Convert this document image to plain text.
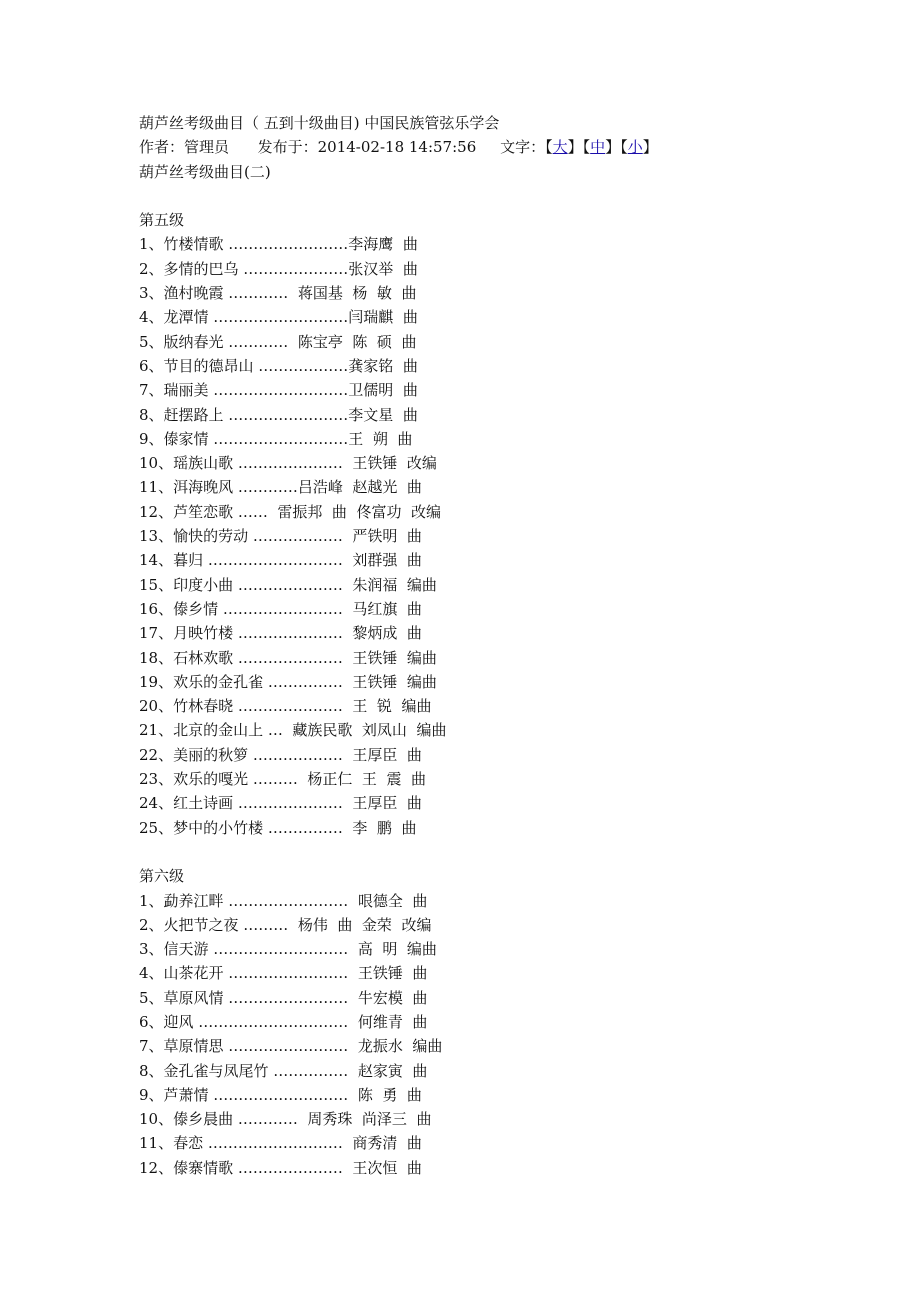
葫芦丝考级曲目（ 五到十级曲目) 中国民族管弦乐学会
作者：管理员 发布于：2014-02-18 14:57:56 文字：【大】【中】【小】
葫芦丝考级曲目(二)
第五级
1、竹楼情歌 ……………………李海鹰  曲
2、多情的巴乌 …………………张汉举  曲
3、渔村晚霞 …………  蒋国基  杨  敏  曲
4、龙潭情 ………………………闫瑞麒  曲
5、版纳春光 …………  陈宝亭  陈  硕  曲
6、节目的德昂山 ………………龚家铭  曲
7、瑞丽美 ………………………卫儒明  曲
8、赶摆路上 ……………………李文星  曲
9、傣家情 ………………………王  朔  曲
10、瑶族山歌 …………………  王铁锤  改编
11、洱海晚风 …………吕浩峰  赵越光  曲
12、芦笙恋歌 ……  雷振邦  曲  佟富功  改编
13、愉快的劳动 ………………  严铁明  曲
14、暮归 ………………………  刘群强  曲
15、印度小曲 …………………  朱润福  编曲
16、傣乡情 ……………………  马红旗  曲
17、月映竹楼 …………………  黎炳成  曲
18、石林欢歌 …………………  王铁锤  编曲
19、欢乐的金孔雀 ……………  王铁锤  编曲
20、竹林春晓 …………………  王  锐  编曲
21、北京的金山上 …  藏族民歌  刘凤山  编曲
22、美丽的秋箩 ………………  王厚臣  曲
23、欢乐的嘎光 ………  杨正仁  王  震  曲
24、红土诗画 …………………  王厚臣  曲
25、梦中的小竹楼 ……………  李  鹏  曲
第六级
1、勐养江畔 ……………………  哏德全  曲
2、火把节之夜 ………  杨伟  曲  金荣  改编
3、信天游 ………………………  高  明  编曲
4、山茶花开 ……………………  王铁锤  曲
5、草原风情 ……………………  牛宏模  曲
6、迎风 …………………………  何维青  曲
7、草原情思 ……………………  龙振水  编曲
8、金孔雀与凤尾竹 ……………  赵家寅  曲
9、芦萧情 ………………………  陈  勇  曲
10、傣乡晨曲 …………  周秀珠  尚泽三  曲
11、春恋 ………………………  商秀清  曲
12、傣寨情歌 …………………  王次恒  曲
